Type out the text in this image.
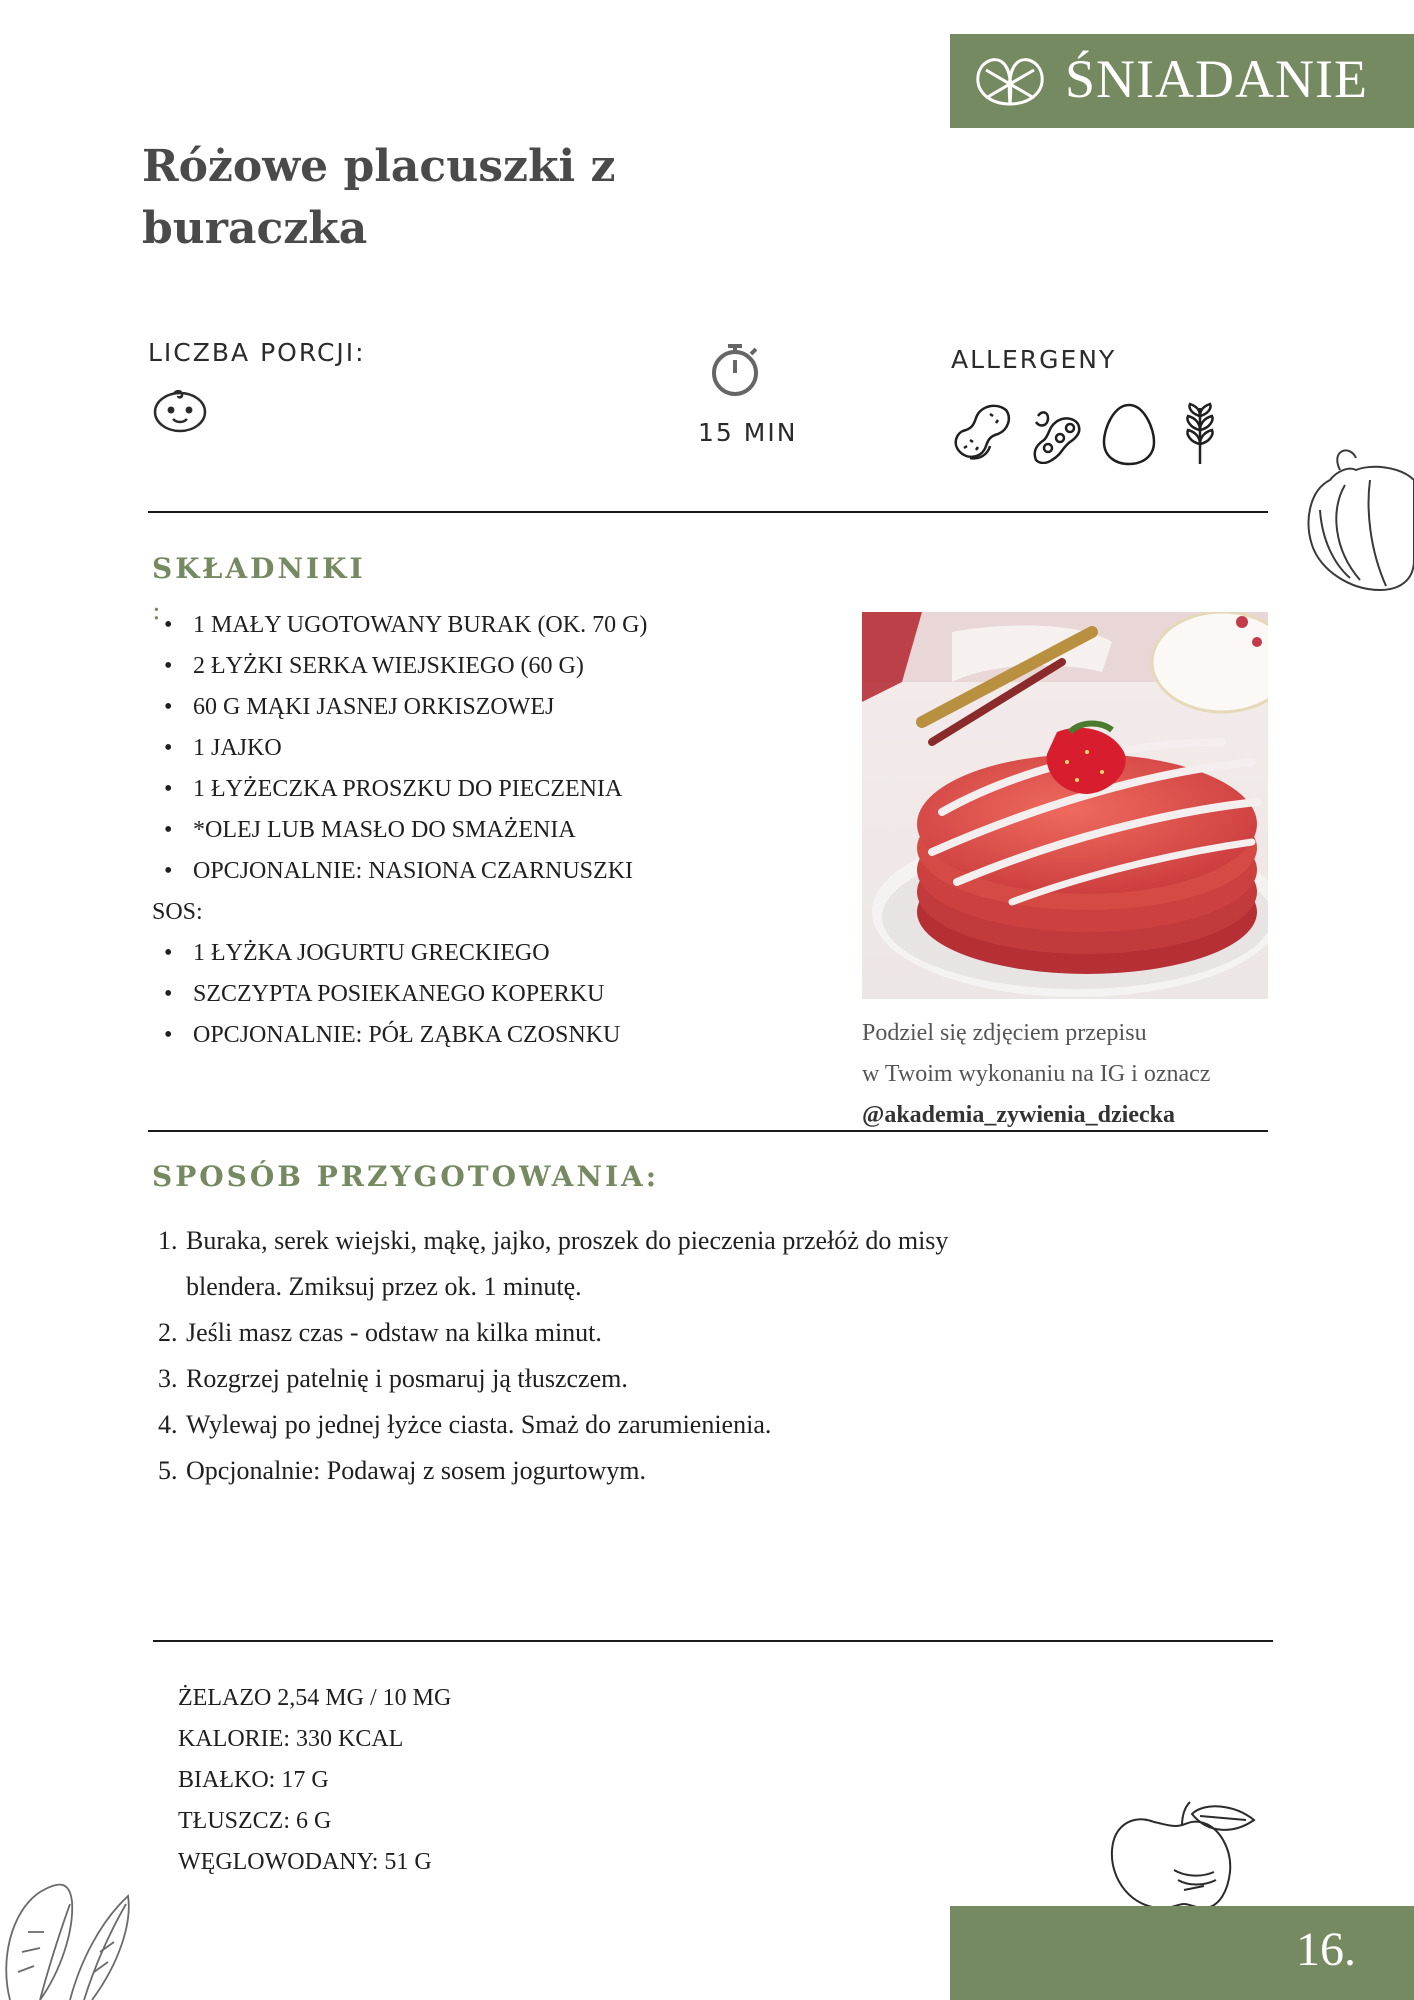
ŚNIADANIE
Różowe placuszki z buraczka
LICZBA PORCJI:
15 MIN
ALLERGENY
SKŁADNIKI
:
•	1 MAŁY UGOTOWANY BURAK (OK. 70 G)
• 2 ŁYŻKI SERKA WIEJSKIEGO (60 G)
• 60 G MĄKI JASNEJ ORKISZOWEJ
• 1 JAJKO
• 1 ŁYŻECZKA PROSZKU DO PIECZENIA
• *OLEJ LUB MASŁO DO SMAŻENIA
• OPCJONALNIE: NASIONA CZARNUSZKI
SOS:
• 1 ŁYŻKA JOGURTU GRECKIEGO
• SZCZYPTA POSIEKANEGO KOPERKU
• OPCJONALNIE: PÓŁ ZĄBKA CZOSNKU	Podziel się zdjęciem przepisu
w Twoim wykonaniu na IG i oznacz
@akademia_zywienia_dziecka
SPOSÓB PRZYGOTOWANIA:
1. Buraka, serek wiejski, mąkę, jajko, proszek do pieczenia przełóż do misy
blendera. Zmiksuj przez ok. 1 minutę.
2. Jeśli masz czas - odstaw na kilka minut.
3. Rozgrzej patelnię i posmaruj ją tłuszczem.
4. Wylewaj po jednej łyżce ciasta. Smaż do zarumienienia.
5. Opcjonalnie: Podawaj z sosem jogurtowym.
ŻELAZO 2,54 MG / 10 MG
KALORIE: 330 KCAL
BIAŁKO: 17 G
TŁUSZCZ: 6 G
WĘGLOWODANY: 51 G
16.
